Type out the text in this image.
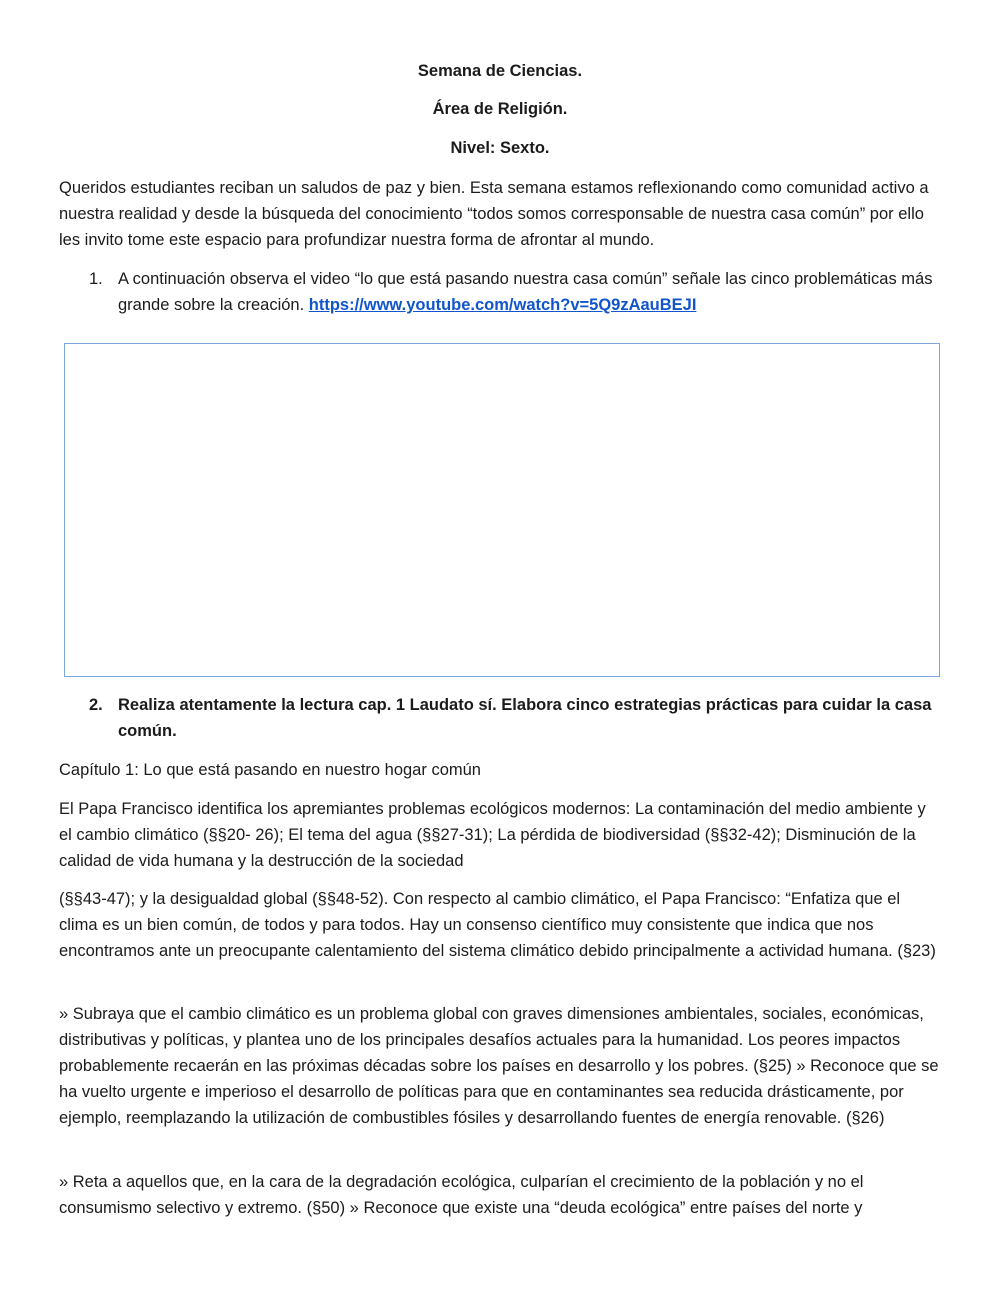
Semana de Ciencias.
Área de Religión.
Nivel: Sexto.

Queridos estudiantes reciban un saludos de paz y bien. Esta semana estamos reflexionando como comunidad activo a nuestra realidad y desde la búsqueda del conocimiento “todos somos corresponsable de nuestra casa común” por ello les invito tome este espacio para profundizar nuestra forma de afrontar al mundo.

1. A continuación observa el video “lo que está pasando nuestra casa común” señale las cinco problemáticas más grande sobre la creación. https://www.youtube.com/watch?v=5Q9zAauBEJI
2. Realiza atentamente la lectura cap. 1 Laudato sí. Elabora cinco estrategias prácticas para cuidar la casa común.

Capítulo 1: Lo que está pasando en nuestro hogar común

El Papa Francisco identifica los apremiantes problemas ecológicos modernos: La contaminación del medio ambiente y el cambio climático (§§20- 26); El tema del agua (§§27-31); La pérdida de biodiversidad (§§32-42); Disminución de la calidad de vida humana y la destrucción de la sociedad

(§§43-47); y la desigualdad global (§§48-52). Con respecto al cambio climático, el Papa Francisco: “Enfatiza que el clima es un bien común, de todos y para todos. Hay un consenso científico muy consistente que indica que nos encontramos ante un preocupante calentamiento del sistema climático debido principalmente a actividad humana. (§23)

» Subraya que el cambio climático es un problema global con graves dimensiones ambientales, sociales, económicas, distributivas y políticas, y plantea uno de los principales desafíos actuales para la humanidad. Los peores impactos probablemente recaerán en las próximas décadas sobre los países en desarrollo y los pobres. (§25) » Reconoce que se ha vuelto urgente e imperioso el desarrollo de políticas para que en contaminantes sea reducida drásticamente, por ejemplo, reemplazando la utilización de combustibles fósiles y desarrollando fuentes de energía renovable. (§26)

» Reta a aquellos que, en la cara de la degradación ecológica, culparían el crecimiento de la población y no el consumismo selectivo y extremo. (§50) » Reconoce que existe una “deuda ecológica” entre países del norte y
